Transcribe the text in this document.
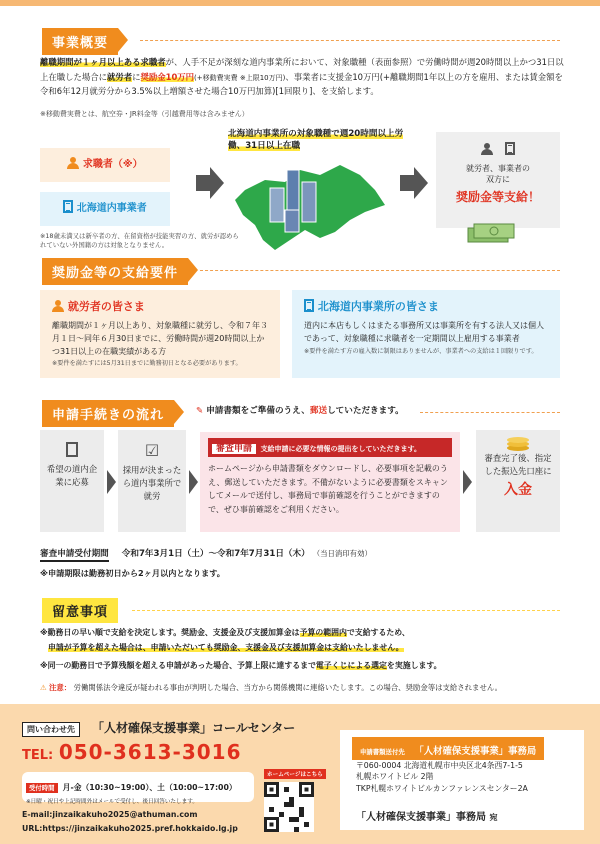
事業概要
離職期間が１ヶ月以上ある求職者が、人手不足が深刻な道内事業所において、対象職種（表面参照）で労働時間が週20時間以上かつ31日以上在職した場合に就労者に奨励金10万円(+移動費実費 ※上限10万円)、事業者に支援金10万円(+離職期間1年以上の方を雇用、または賃金額を令和6年12月就労分から3.5%以上増額させた場合10万円加算)[1回限り]、を支給します。
※移動費実費とは、航空券・JR料金等（引越費用等は含みません）
求職者（※）
北海道内事業者
北海道内事業所の対象職種で週20時間以上労働、31日以上在職

就労者、事業者の
双方に
奨励金等支給！
※18歳未満又は新卒者の方、在留資格が技能実習の方、就労が認められていない外国籍の方は対象となりません。
奨励金等の支給要件
就労者の皆さま
離職期間が１ヶ月以上あり、対象職種に就労し、令和７年３月１日～同年６月30日までに、労働時間が週20時間以上かつ31日以上の在職実績がある方
※要件を満たすには5月31日までに勤務初日となる必要があります。
北海道内事業所の皆さま
道内に本店もしくはまたる事務所又は事業所を有する法人又は個人であって、対象職種に求職者を一定期間以上雇用する事業者
※要件を満たす方の雇入数に制限はありませんが、事業者への支給は１回限りです。
申請手続きの流れ	✎ 申請書類をご準備のうえ、郵送していただきます。
希望の道内企業に応募
☑
採用が決まったら道内事業所で就労
審査申請 支給申請に必要な情報の提出をしていただきます。
ホームページから申請書類をダウンロードし、必要事項を記載のうえ、郵送していただきます。不備がないように必要書類をスキャンしてメールで送付し、事務局で事前確認を行うことができますので、ぜひ事前確認をご利用ください。
審査完了後、指定した振込先口座に
入金
審査申請受付期間 令和7年3月1日（土）～令和7年7月31日（木） （当日消印有効）
※申請期限は勤務初日から2ヶ月以内となります。
留意事項
※勤務日の早い順で支給を決定します。奨励金、支援金及び支援加算金は予算の範囲内で支給するため、
申請が予算を超えた場合は、申請いただいても奨励金、支援金及び支援加算金は支給いたしません。
※同一の勤務日で予算残額を超える申請があった場合、予算上限に達するまで電子くじによる選定を実施します。
⚠ 注意： 労働関係法令違反が疑われる事由が判明した場合、当方から関係機関に連絡いたします。この場合、奨励金等は支給されません。
問い合わせ先	「人材確保支援事業」コールセンター
TEL: 050-3613-3016
受付時間 月-金（10:30~19:00）、土（10:00~17:00）
※日曜・祝日や上記時間外はメールで受付し、後日回答いたします。
E-mail:jinzaikakuho2025@athuman.com
URL:https://jinzaikakuho2025.pref.hokkaido.lg.jp
ホームページはこちら
申請書類送付先 「人材確保支援事業」事務局
〒060-0004 北海道札幌市中央区北4条西7-1-5
札幌ホワイトビル 2階
TKP札幌ホワイトビルカンファレンスセンター2A
「人材確保支援事業」事務局 宛
